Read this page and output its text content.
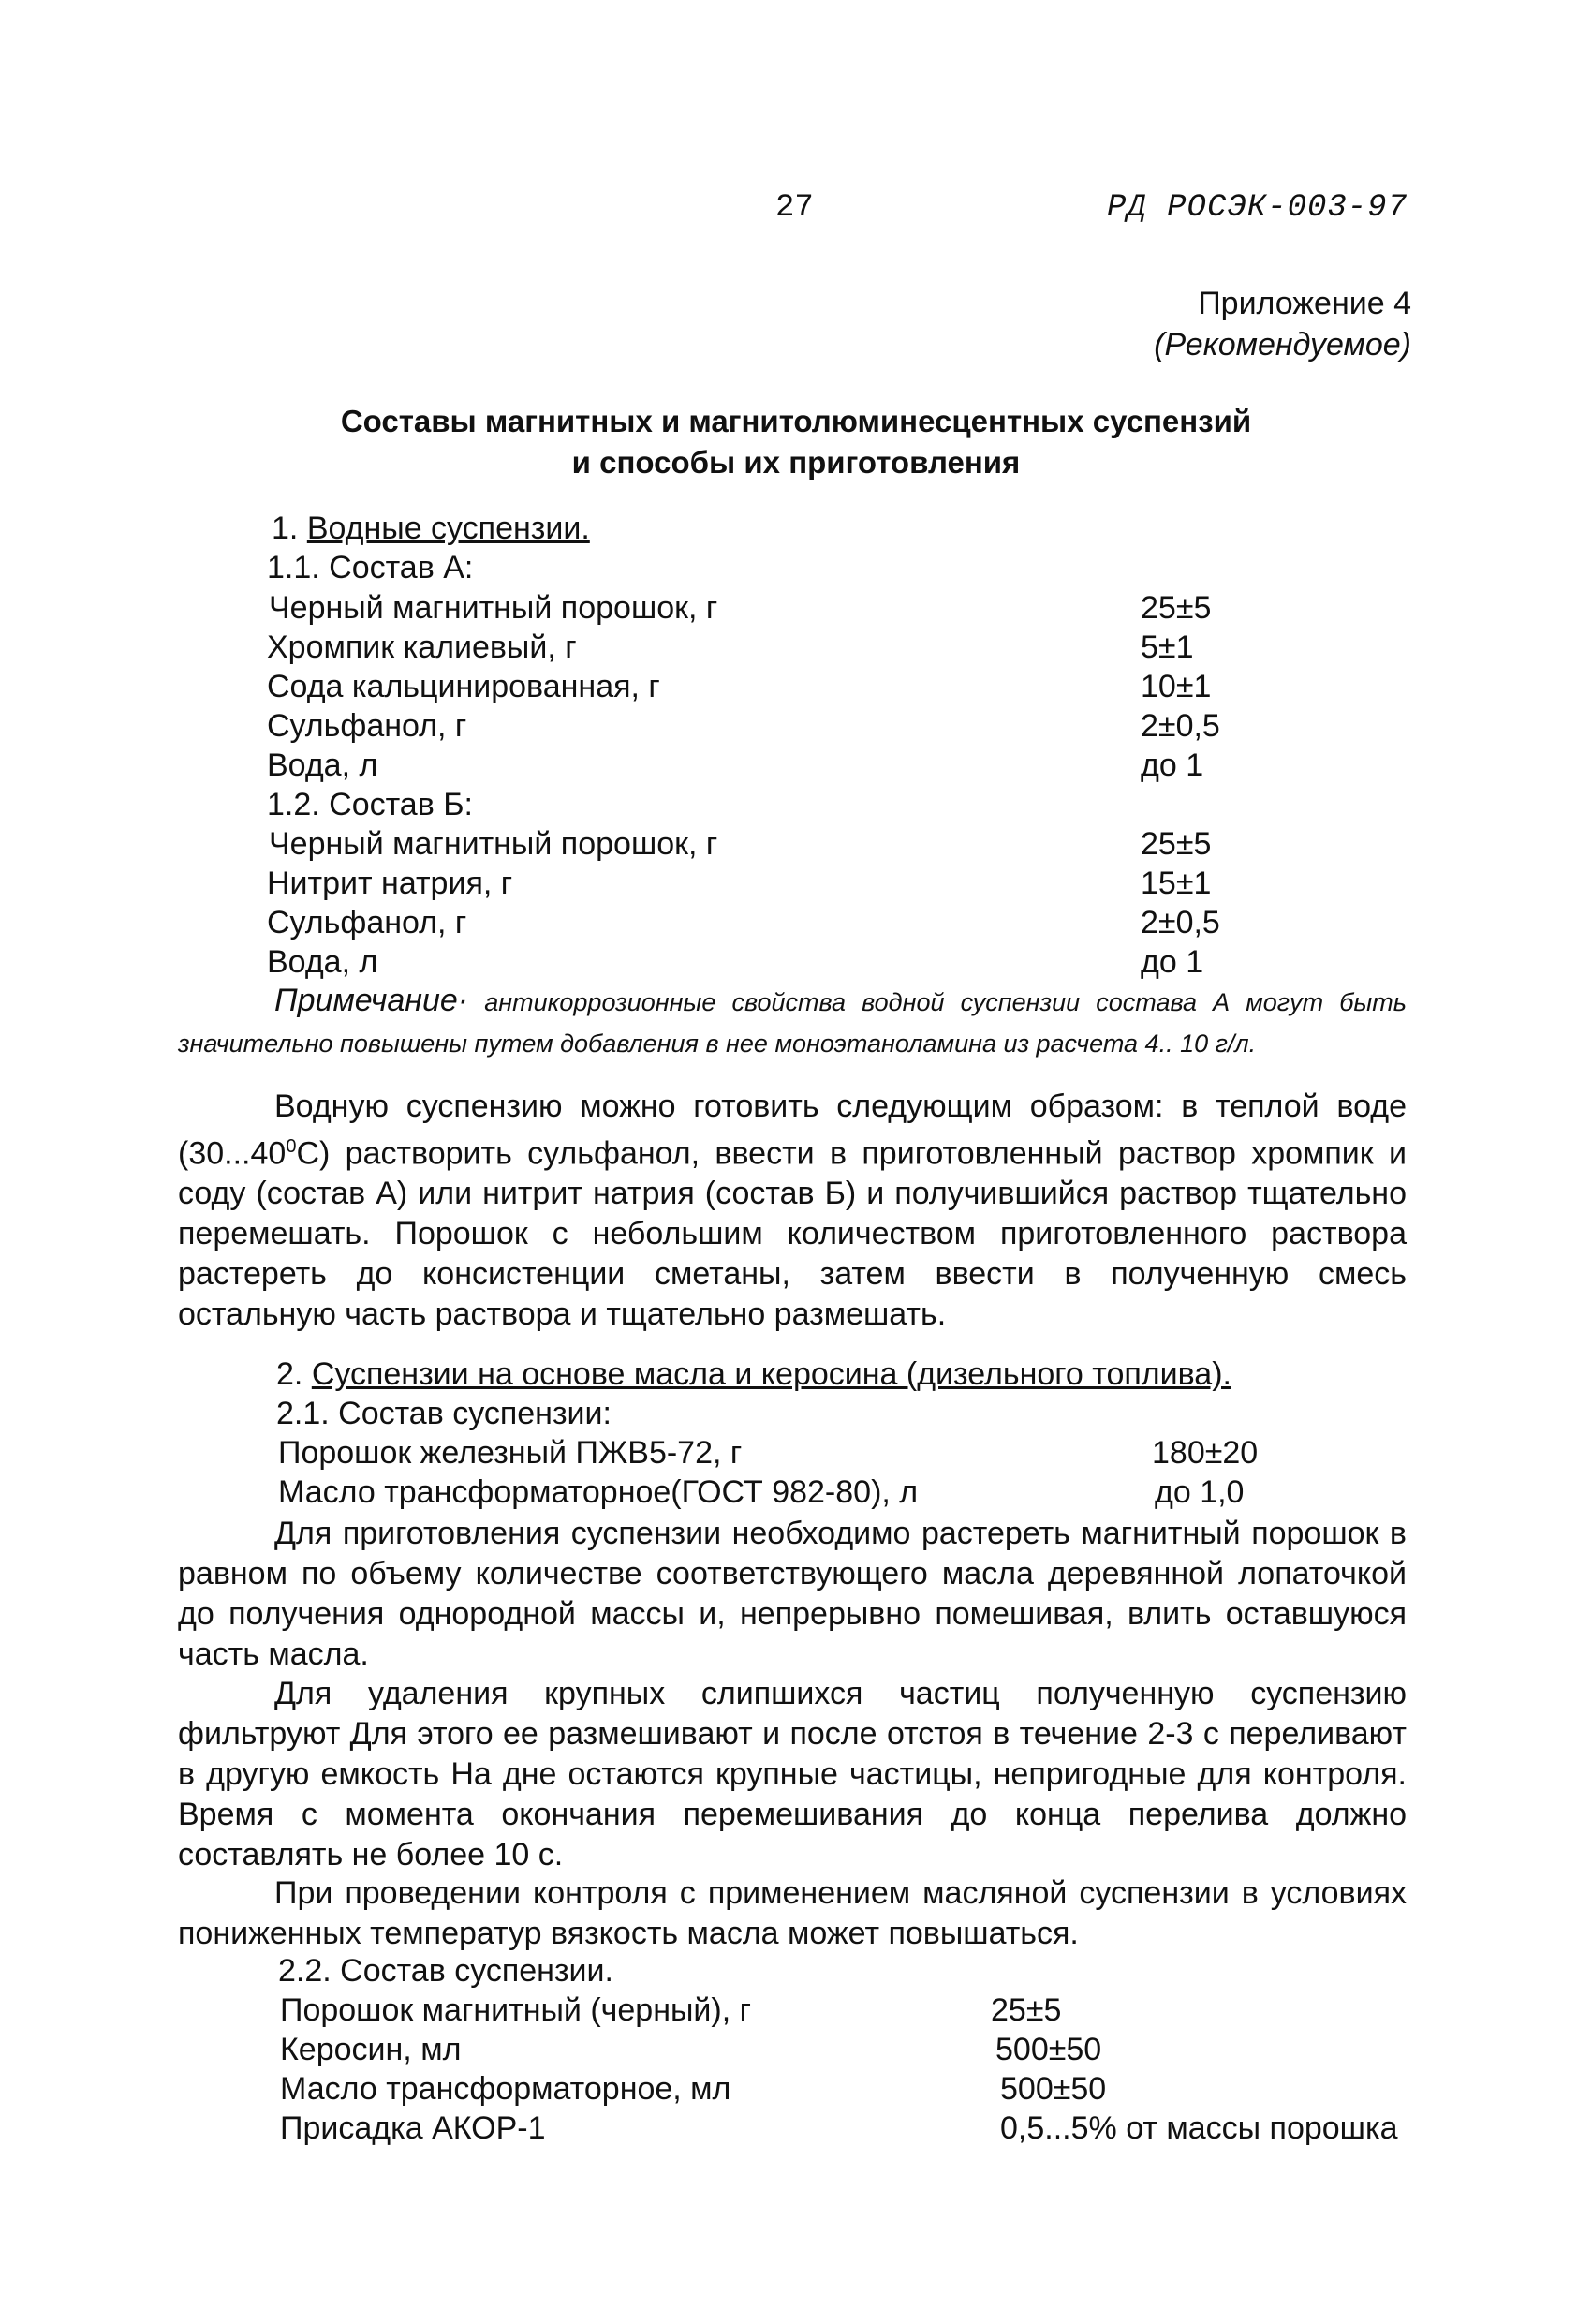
27	РД РОСЭК-003-97
Приложение 4
(Рекомендуемое)
Составы магнитных и магнитолюминесцентных суспензий
и способы их приготовления
1. Водные суспензии.
1.1. Состав А:
Черный магнитный порошок, г	25±5
Хромпик калиевый, г	5±1
Сода кальцинированная, г	10±1
Сульфанол, г	2±0,5
Вода, л	до 1
1.2. Состав Б:
Черный магнитный порошок, г	25±5
Нитрит натрия, г	15±1
Сульфанол, г	2±0,5
Вода, л	до 1
Примечание· антикоррозионные свойства водной суспензии состава А могут быть значительно повышены путем добавления в нее моноэтаноламина из расчета 4.. 10 г/л.
Водную суспензию можно готовить следующим образом: в теплой воде (30...40$^0$С) растворить сульфанол, ввести в приготовленный раствор хромпик и соду (состав А) или нитрит натрия (состав Б) и получившийся раствор тщательно перемешать. Порошок с небольшим количеством приготовленного раствора растереть до консистенции сметаны, затем ввести в полученную смесь остальную часть раствора и тщательно размешать.
2. Суспензии на основе масла и керосина (дизельного топлива).
2.1. Состав суспензии:
Порошок железный ПЖВ5-72, г	180±20
Масло трансформаторное(ГОСТ 982-80), л	до 1,0
Для приготовления суспензии необходимо растереть магнитный порошок в равном по объему количестве соответствующего масла деревянной лопаточкой до получения однородной массы и, непрерывно помешивая, влить оставшуюся часть масла.
Для удаления крупных слипшихся частиц полученную суспензию фильтруют Для этого ее размешивают и после отстоя в течение 2-3 с переливают в другую емкость На дне остаются крупные частицы, непригодные для контроля. Время с момента окончания перемешивания до конца перелива должно составлять не более 10 с.
При проведении контроля с применением масляной суспензии в условиях пониженных температур вязкость масла может повышаться.
2.2. Состав суспензии.
Порошок магнитный (черный), г	25±5
Керосин, мл	500±50
Масло трансформаторное, мл	500±50
Присадка АКОР-1	0,5...5% от массы порошка
